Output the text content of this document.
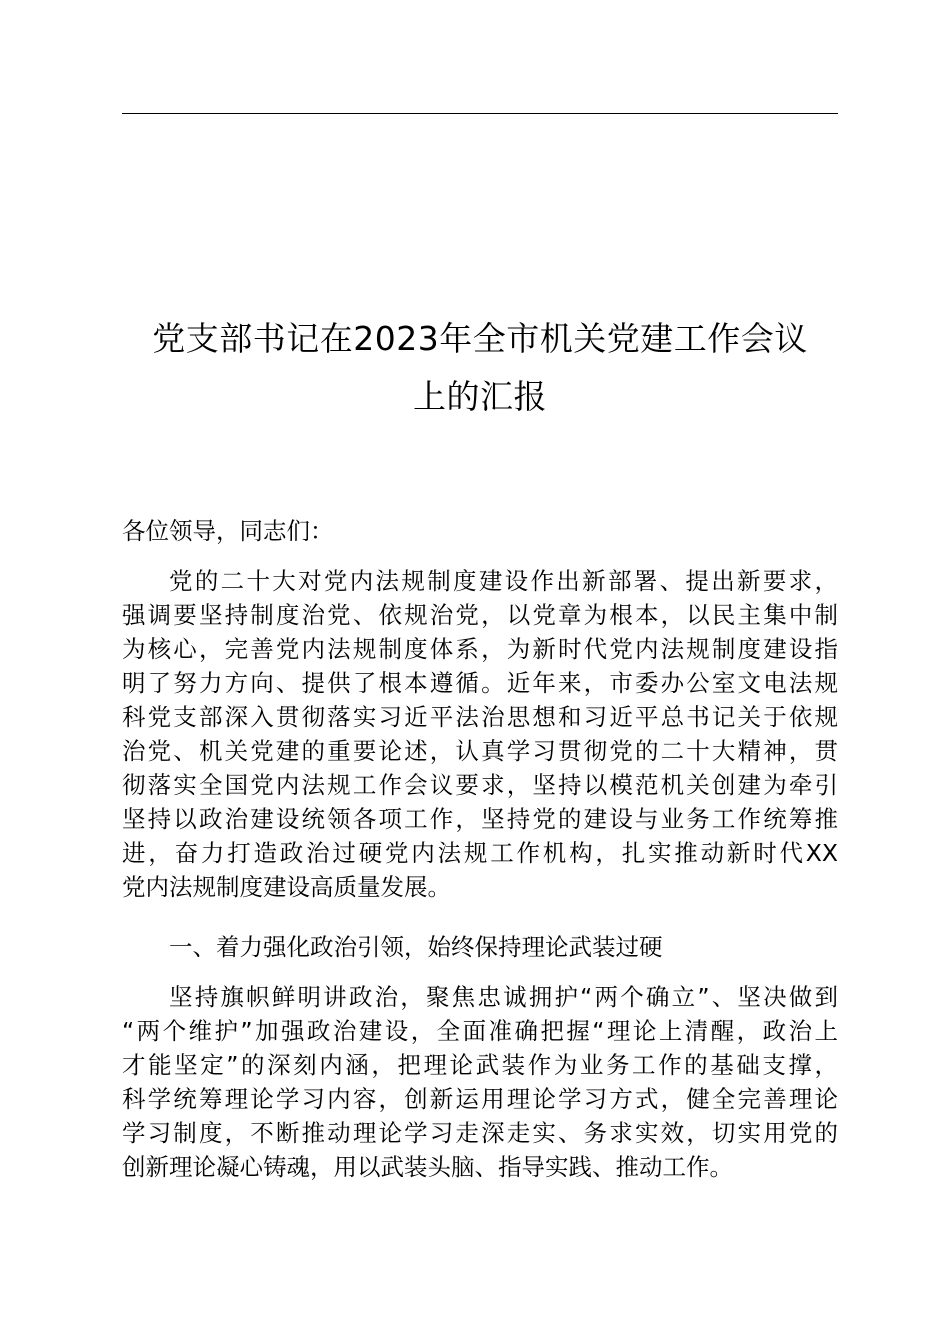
党支部书记在2023年全市机关党建工作会议
上的汇报

各位领导，同志们：

党的二十大对党内法规制度建设作出新部署、提出新要求，
强调要坚持制度治党、依规治党，以党章为根本，以民主集中制
为核心，完善党内法规制度体系，为新时代党内法规制度建设指
明了努力方向、提供了根本遵循。近年来，市委办公室文电法规
科党支部深入贯彻落实习近平法治思想和习近平总书记关于依规
治党、机关党建的重要论述，认真学习贯彻党的二十大精神，贯
彻落实全国党内法规工作会议要求，坚持以模范机关创建为牵引
坚持以政治建设统领各项工作，坚持党的建设与业务工作统筹推
进，奋力打造政治过硬党内法规工作机构，扎实推动新时代XX
党内法规制度建设高质量发展。

一、着力强化政治引领，始终保持理论武装过硬

坚持旗帜鲜明讲政治，聚焦忠诚拥护“两个确立”、坚决做到
“两个维护”加强政治建设，全面准确把握“理论上清醒，政治上
才能坚定”的深刻内涵，把理论武装作为业务工作的基础支撑，
科学统筹理论学习内容，创新运用理论学习方式，健全完善理论
学习制度，不断推动理论学习走深走实、务求实效，切实用党的
创新理论凝心铸魂，用以武装头脑、指导实践、推动工作。
